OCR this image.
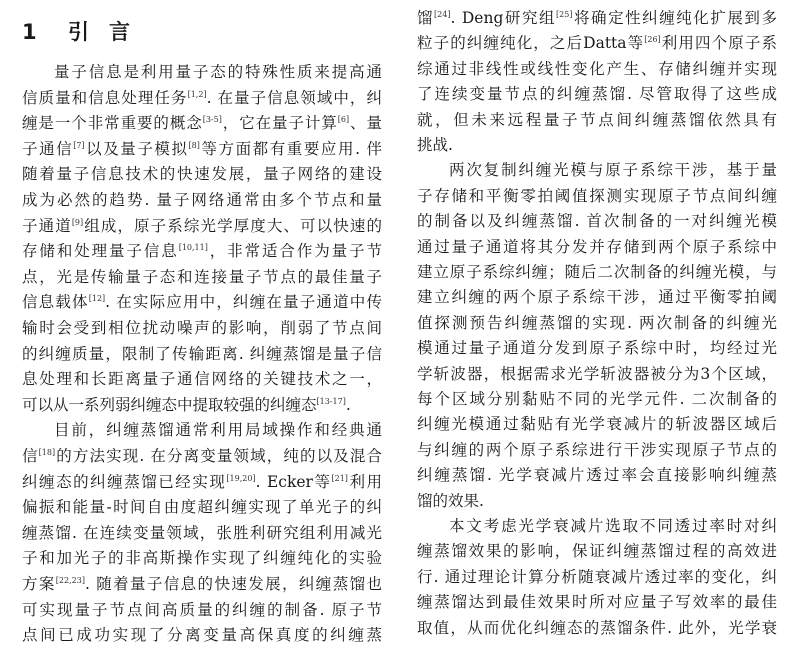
1 引 言
量子信息是利用量子态的特殊性质来提高通
信质量和信息处理任务[1,2]. 在量子信息领域中，纠
缠是一个非常重要的概念[3-5]，它在量子计算[6]、量
子通信[7]以及量子模拟[8]等方面都有重要应用. 伴
随着量子信息技术的快速发展，量子网络的建设
成为必然的趋势. 量子网络通常由多个节点和量
子通道[9]组成，原子系综光学厚度大、可以快速的
存储和处理量子信息[10,11]，非常适合作为量子节
点，光是传输量子态和连接量子节点的最佳量子
信息载体[12]. 在实际应用中，纠缠在量子通道中传
输时会受到相位扰动噪声的影响，削弱了节点间
的纠缠质量，限制了传输距离. 纠缠蒸馏是量子信
息处理和长距离量子通信网络的关键技术之一，
可以从一系列弱纠缠态中提取较强的纠缠态[13-17].
目前，纠缠蒸馏通常利用局域操作和经典通
信[18]的方法实现. 在分离变量领域，纯的以及混合
纠缠态的纠缠蒸馏已经实现[19,20]. Ecker等[21]利用
偏振和能量-时间自由度超纠缠实现了单光子的纠
缠蒸馏. 在连续变量领域，张胜利研究组利用减光
子和加光子的非高斯操作实现了纠缠纯化的实验
方案[22,23]. 随着量子信息的快速发展，纠缠蒸馏也
可实现量子节点间高质量的纠缠的制备. 原子节
点间已成功实现了分离变量高保真度的纠缠蒸
馏[24]. Deng研究组[25]将确定性纠缠纯化扩展到多
粒子的纠缠纯化，之后Datta等[26]利用四个原子系
综通过非线性或线性变化产生、存储纠缠并实现
了连续变量节点的纠缠蒸馏. 尽管取得了这些成
就，但未来远程量子节点间纠缠蒸馏依然具有
挑战.
两次复制纠缠光模与原子系综干涉，基于量
子存储和平衡零拍阈值探测实现原子节点间纠缠
的制备以及纠缠蒸馏. 首次制备的一对纠缠光模
通过量子通道将其分发并存储到两个原子系综中
建立原子系综纠缠；随后二次制备的纠缠光模，与
建立纠缠的两个原子系综干涉，通过平衡零拍阈
值探测预告纠缠蒸馏的实现. 两次制备的纠缠光
模通过量子通道分发到原子系综中时，均经过光
学斩波器，根据需求光学斩波器被分为3个区域，
每个区域分别黏贴不同的光学元件. 二次制备的
纠缠光模通过黏贴有光学衰减片的斩波器区域后
与纠缠的两个原子系综进行干涉实现原子节点的
纠缠蒸馏. 光学衰减片透过率会直接影响纠缠蒸
馏的效果.
本文考虑光学衰减片选取不同透过率时对纠
缠蒸馏效果的影响，保证纠缠蒸馏过程的高效进
行. 通过理论计算分析随衰减片透过率的变化，纠
缠蒸馏达到最佳效果时所对应量子写效率的最佳
取值，从而优化纠缠态的蒸馏条件. 此外，光学衰
